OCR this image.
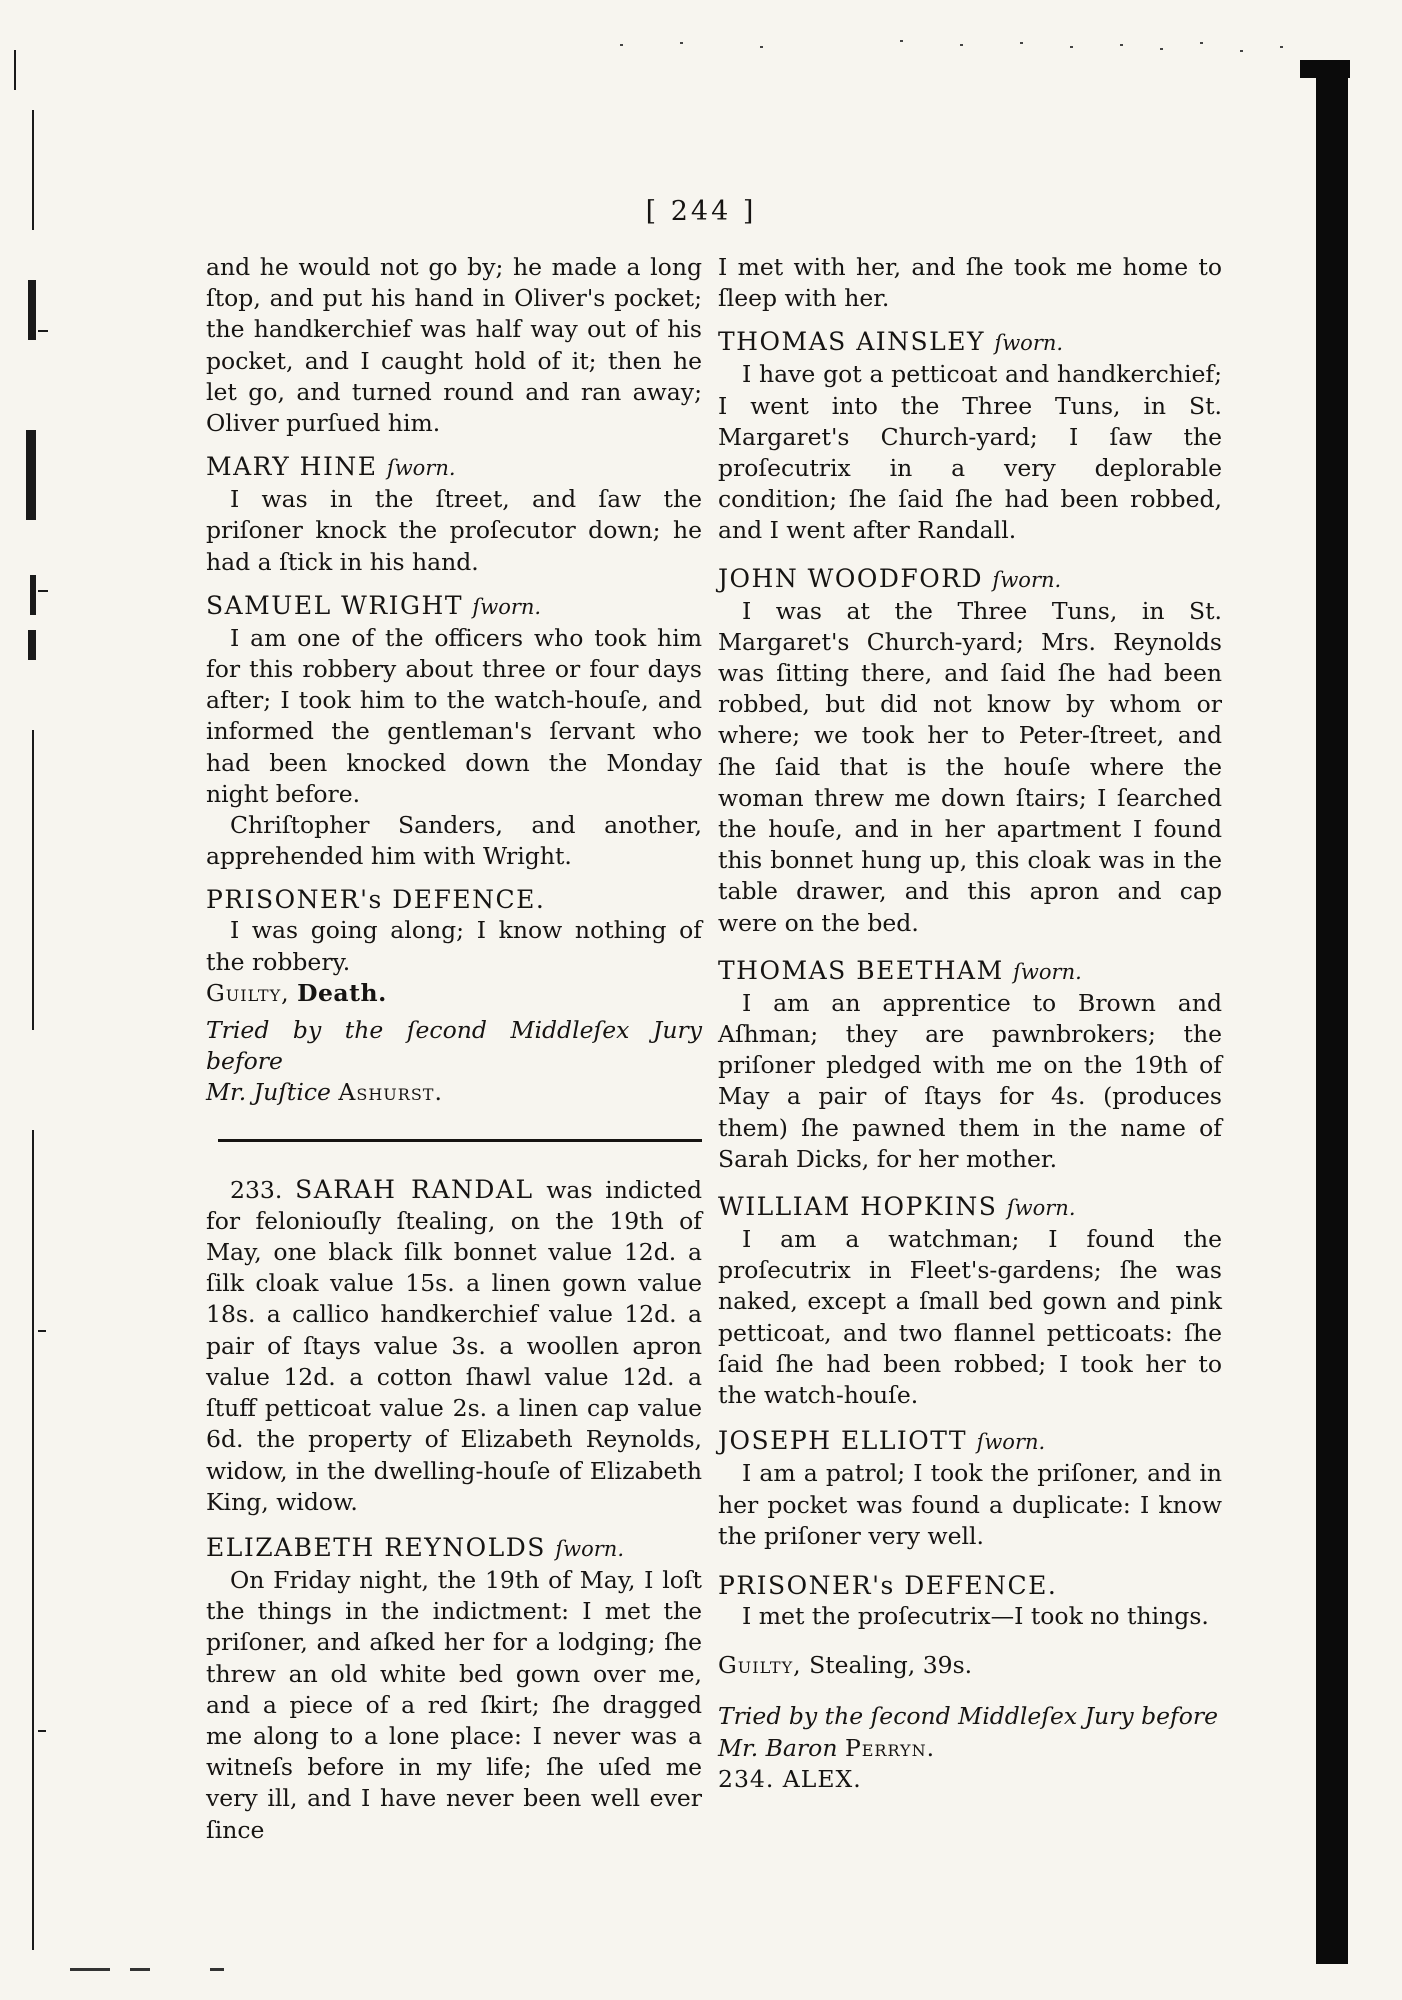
[ 244 ]

and he would not go by; he made a long ſtop, and put his hand in Oliver's pocket; the handkerchief was half way out of his pocket, and I caught hold of it; then he let go, and turned round and ran away; Oliver purſued him.

MARY HINE ſworn.

I was in the ſtreet, and ſaw the priſoner knock the proſecutor down; he had a ſtick in his hand.

SAMUEL WRIGHT ſworn.

I am one of the officers who took him for this robbery about three or four days after; I took him to the watch-houſe, and informed the gentleman's ſervant who had been knocked down the Monday night before.

Chriſtopher Sanders, and another, apprehended him with Wright.

PRISONER's DEFENCE.

I was going along; I know nothing of the robbery.

Guilty, Death.

Tried by the ſecond Middleſex Jury before

Mr. Juſtice Ashurst.

233. SARAH RANDAL was indicted for feloniouſly ſtealing, on the 19th of May, one black ſilk bonnet value 12d. a ſilk cloak value 15s. a linen gown value 18s. a callico handkerchief value 12d. a pair of ſtays value 3s. a woollen apron value 12d. a cotton ſhawl value 12d. a ſtuff petticoat value 2s. a linen cap value 6d. the property of Elizabeth Reynolds, widow, in the dwelling-houſe of Elizabeth King, widow.

ELIZABETH REYNOLDS ſworn.

On Friday night, the 19th of May, I loſt the things in the indictment: I met the priſoner, and aſked her for a lodging; ſhe threw an old white bed gown over me, and a piece of a red ſkirt; ſhe dragged me along to a lone place: I never was a witneſs before in my life; ſhe uſed me very ill, and I have never been well ever ſince

I met with her, and ſhe took me home to ſleep with her.

THOMAS AINSLEY ſworn.

I have got a petticoat and handkerchief; I went into the Three Tuns, in St. Margaret's Church-yard; I ſaw the proſecutrix in a very deplorable condition; ſhe ſaid ſhe had been robbed, and I went after Randall.

JOHN WOODFORD ſworn.

I was at the Three Tuns, in St. Margaret's Church-yard; Mrs. Reynolds was ſitting there, and ſaid ſhe had been robbed, but did not know by whom or where; we took her to Peter-ſtreet, and ſhe ſaid that is the houſe where the woman threw me down ſtairs; I ſearched the houſe, and in her apartment I found this bonnet hung up, this cloak was in the table drawer, and this apron and cap were on the bed.

THOMAS BEETHAM ſworn.

I am an apprentice to Brown and Aſhman; they are pawnbrokers; the priſoner pledged with me on the 19th of May a pair of ſtays for 4s. (produces them) ſhe pawned them in the name of Sarah Dicks, for her mother.

WILLIAM HOPKINS ſworn.

I am a watchman; I found the proſecutrix in Fleet's-gardens; ſhe was naked, except a ſmall bed gown and pink petticoat, and two flannel petticoats: ſhe ſaid ſhe had been robbed; I took her to the watch-houſe.

JOSEPH ELLIOTT ſworn.

I am a patrol; I took the priſoner, and in her pocket was found a duplicate: I know the priſoner very well.

PRISONER's DEFENCE.

I met the proſecutrix—I took no things.

Guilty, Stealing, 39s.

Tried by the ſecond Middleſex Jury before

Mr. Baron Perryn.

234. ALEX.
